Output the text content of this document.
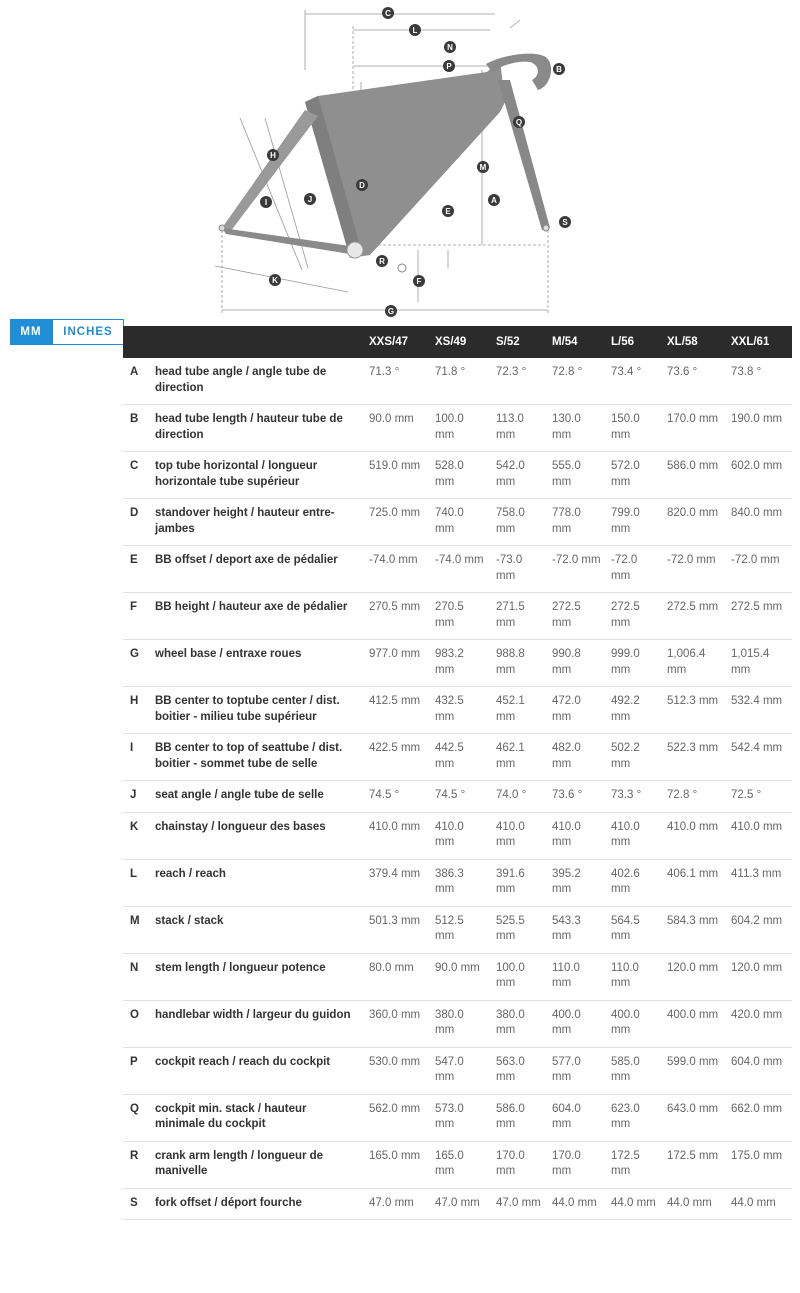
C
L
N
P	B
H
Q
M
D
J
I
E
A
S
R
F
K
G
MM	INCHES
		XXS/47	XS/49	S/52	M/54	L/56	XL/58	XXL/61
A	head tube angle / angle tube de direction	71.3 °	71.8 °	72.3 °	72.8 °	73.4 °	73.6 °	73.8 °
B	head tube length / hauteur tube de direction	90.0 mm	100.0 mm	113.0 mm	130.0 mm	150.0 mm	170.0 mm	190.0 mm
C	top tube horizontal / longueur horizontale tube supérieur	519.0 mm	528.0 mm	542.0 mm	555.0 mm	572.0 mm	586.0 mm	602.0 mm
D	standover height / hauteur entre-jambes	725.0 mm	740.0 mm	758.0 mm	778.0 mm	799.0 mm	820.0 mm	840.0 mm
E	BB offset / deport axe de pédalier	-74.0 mm	-74.0 mm	-73.0 mm	-72.0 mm	-72.0 mm	-72.0 mm	-72.0 mm
F	BB height / hauteur axe de pédalier	270.5 mm	270.5 mm	271.5 mm	272.5 mm	272.5 mm	272.5 mm	272.5 mm
G	wheel base / entraxe roues	977.0 mm	983.2 mm	988.8 mm	990.8 mm	999.0 mm	1,006.4 mm	1,015.4 mm
H	BB center to toptube center / dist. boitier - milieu tube supérieur	412.5 mm	432.5 mm	452.1 mm	472.0 mm	492.2 mm	512.3 mm	532.4 mm
I	BB center to top of seattube / dist. boitier - sommet tube de selle	422.5 mm	442.5 mm	462.1 mm	482.0 mm	502.2 mm	522.3 mm	542.4 mm
J	seat angle / angle tube de selle	74.5 °	74.5 °	74.0 °	73.6 °	73.3 °	72.8 °	72.5 °
K	chainstay / longueur des bases	410.0 mm	410.0 mm	410.0 mm	410.0 mm	410.0 mm	410.0 mm	410.0 mm
L	reach / reach	379.4 mm	386.3 mm	391.6 mm	395.2 mm	402.6 mm	406.1 mm	411.3 mm
M	stack / stack	501.3 mm	512.5 mm	525.5 mm	543.3 mm	564.5 mm	584.3 mm	604.2 mm
N	stem length / longueur potence	80.0 mm	90.0 mm	100.0 mm	110.0 mm	110.0 mm	120.0 mm	120.0 mm
O	handlebar width / largeur du guidon	360.0 mm	380.0 mm	380.0 mm	400.0 mm	400.0 mm	400.0 mm	420.0 mm
P	cockpit reach / reach du cockpit	530.0 mm	547.0 mm	563.0 mm	577.0 mm	585.0 mm	599.0 mm	604.0 mm
Q	cockpit min. stack / hauteur minimale du cockpit	562.0 mm	573.0 mm	586.0 mm	604.0 mm	623.0 mm	643.0 mm	662.0 mm
R	crank arm length / longueur de manivelle	165.0 mm	165.0 mm	170.0 mm	170.0 mm	172.5 mm	172.5 mm	175.0 mm
S	fork offset / déport fourche	47.0 mm	47.0 mm	47.0 mm	44.0 mm	44.0 mm	44.0 mm	44.0 mm
